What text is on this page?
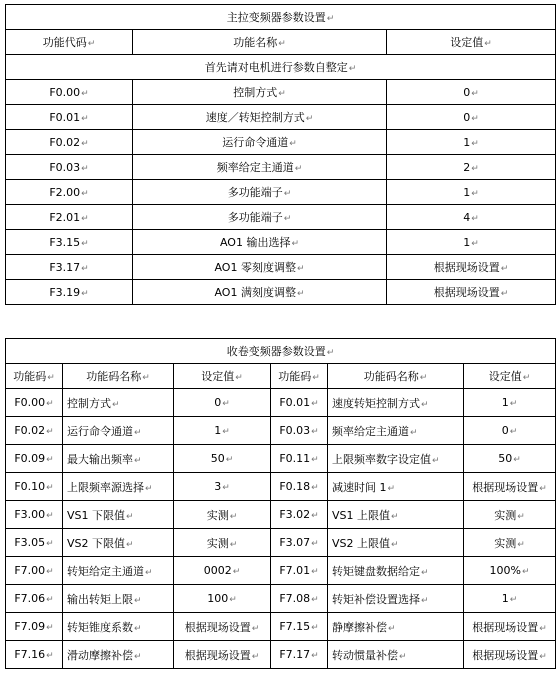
主拉变频器参数设置↵		
功能代码↵	功能名称↵	设定值↵
首先请对电机进行参数自整定↵		
F0.00↵	控制方式↵	0↵
F0.01↵	速度／转矩控制方式↵	0↵
F0.02↵	运行命令通道↵	1↵
F0.03↵	频率给定主通道↵	2↵
F2.00↵	多功能端子↵	1↵
F2.01↵	多功能端子↵	4↵
F3.15↵	AO1 输出选择↵	1↵
F3.17↵	AO1 零刻度调整↵	根据现场设置↵
F3.19↵	AO1 满刻度调整↵	根据现场设置↵
收卷变频器参数设置↵					
功能码↵	功能码名称↵	设定值↵	功能码↵	功能码名称↵	设定值↵
F0.00↵	控制方式↵	0↵	F0.01↵	速度转矩控制方式↵	1↵
F0.02↵	运行命令通道↵	1↵	F0.03↵	频率给定主通道↵	0↵
F0.09↵	最大输出频率↵	50↵	F0.11↵	上限频率数字设定值↵	50↵
F0.10↵	上限频率源选择↵	3↵	F0.18↵	减速时间 1↵	根据现场设置↵
F3.00↵	VS1 下限值↵	实测↵	F3.02↵	VS1 上限值↵	实测↵
F3.05↵	VS2 下限值↵	实测↵	F3.07↵	VS2 上限值↵	实测↵
F7.00↵	转矩给定主通道↵	0002↵	F7.01↵	转矩键盘数据给定↵	100%↵
F7.06↵	输出转矩上限↵	100↵	F7.08↵	转矩补偿设置选择↵	1↵
F7.09↵	转矩锥度系数↵	根据现场设置↵	F7.15↵	静摩擦补偿↵	根据现场设置↵
F7.16↵	滑动摩擦补偿↵	根据现场设置↵	F7.17↵	转动惯量补偿↵	根据现场设置↵
